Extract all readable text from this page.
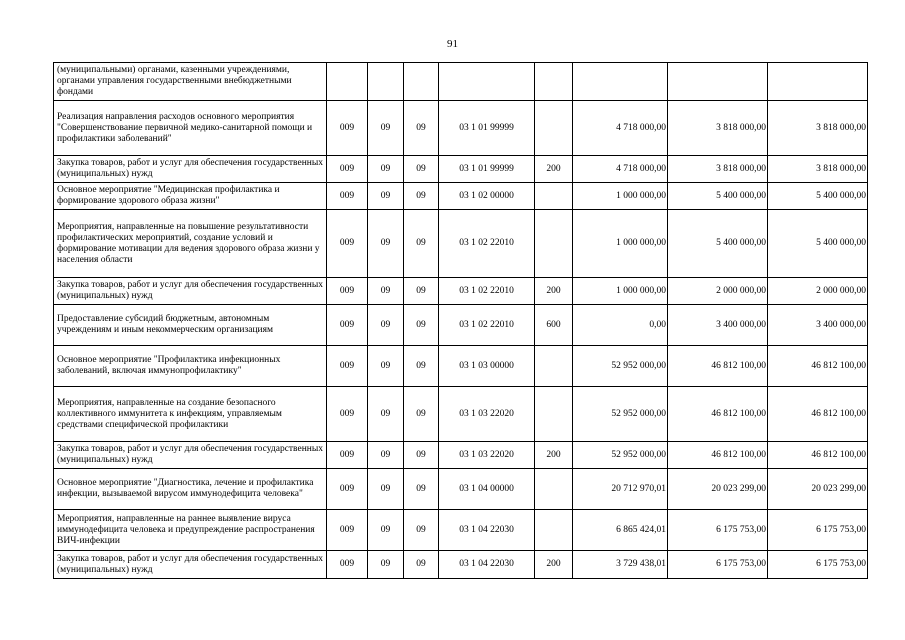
91
(муниципальными) органами, казенными учреждениями, органами управления государственными внебюджетными фондами								
Реализация направления расходов основного мероприятия "Совершенствование первичной медико-санитарной помощи и профилактики заболеваний"	009	09	09	03 1 01 99999		4 718 000,00	3 818 000,00	3 818 000,00
Закупка товаров, работ и услуг для обеспечения государственных (муниципальных) нужд	009	09	09	03 1 01 99999	200	4 718 000,00	3 818 000,00	3 818 000,00
Основное мероприятие "Медицинская профилактика и формирование здорового образа жизни"	009	09	09	03 1 02 00000		1 000 000,00	5 400 000,00	5 400 000,00
Мероприятия, направленные на повышение результативности профилактических мероприятий, создание условий и формирование мотивации для ведения здорового образа жизни у населения области	009	09	09	03 1 02 22010		1 000 000,00	5 400 000,00	5 400 000,00
Закупка товаров, работ и услуг для обеспечения государственных (муниципальных) нужд	009	09	09	03 1 02 22010	200	1 000 000,00	2 000 000,00	2 000 000,00
Предоставление субсидий бюджетным, автономным учреждениям и иным некоммерческим организациям	009	09	09	03 1 02 22010	600	0,00	3 400 000,00	3 400 000,00
Основное мероприятие "Профилактика инфекционных заболеваний, включая иммунопрофилактику"	009	09	09	03 1 03 00000		52 952 000,00	46 812 100,00	46 812 100,00
Мероприятия, направленные на создание безопасного коллективного иммунитета к инфекциям, управляемым средствами специфической профилактики	009	09	09	03 1 03 22020		52 952 000,00	46 812 100,00	46 812 100,00
Закупка товаров, работ и услуг для обеспечения государственных (муниципальных) нужд	009	09	09	03 1 03 22020	200	52 952 000,00	46 812 100,00	46 812 100,00
Основное мероприятие "Диагностика, лечение и профилактика инфекции, вызываемой вирусом иммунодефицита человека"	009	09	09	03 1 04 00000		20 712 970,01	20 023 299,00	20 023 299,00
Мероприятия, направленные на раннее выявление вируса иммунодефицита человека и предупреждение распространения ВИЧ-инфекции	009	09	09	03 1 04 22030		6 865 424,01	6 175 753,00	6 175 753,00
Закупка товаров, работ и услуг для обеспечения государственных (муниципальных) нужд	009	09	09	03 1 04 22030	200	3 729 438,01	6 175 753,00	6 175 753,00
